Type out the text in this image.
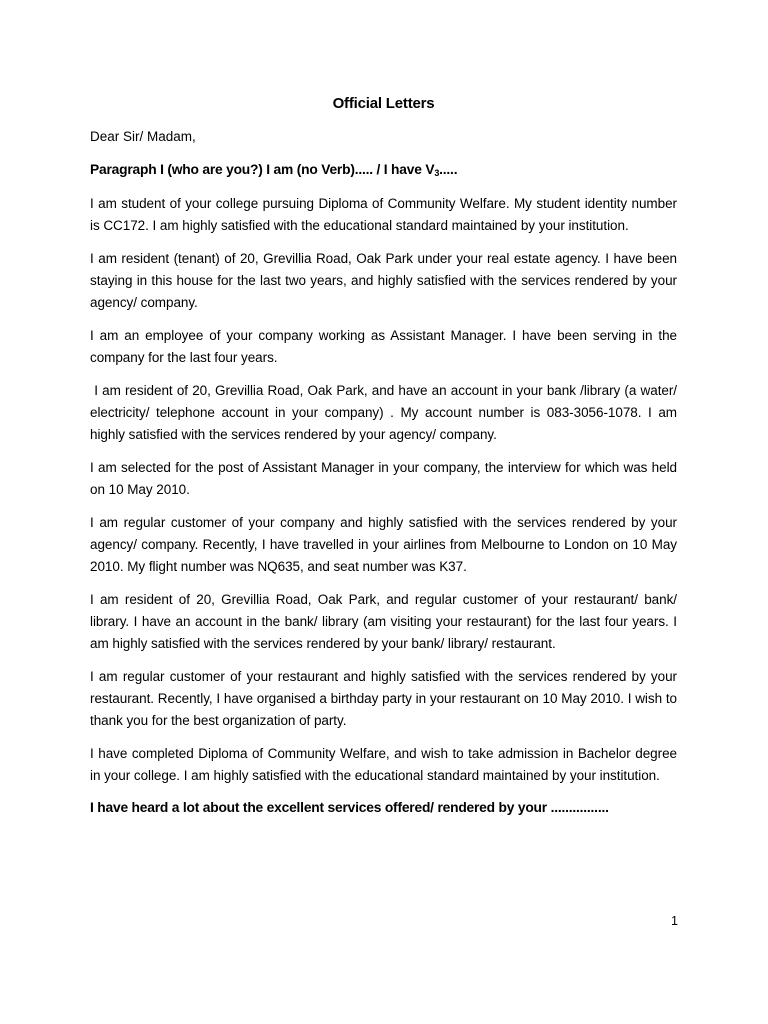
Official Letters
Dear Sir/ Madam,
Paragraph I (who are you?) I am (no Verb)..... / I have $V_3$.....

I am student of your college pursuing Diploma of Community Welfare. My student identity number is CC172. I am highly satisfied with the educational standard maintained by your institution.

I am resident (tenant) of 20, Grevillia Road, Oak Park under your real estate agency. I have been staying in this house for the last two years, and highly satisfied with the services rendered by your agency/ company.

I am an employee of your company working as Assistant Manager. I have been serving in the company for the last four years.

I am resident of 20, Grevillia Road, Oak Park, and have an account in your bank /library (a water/ electricity/ telephone account in your company) . My account number is 083-3056-1078. I am highly satisfied with the services rendered by your agency/ company.

I am selected for the post of Assistant Manager in your company, the interview for which was held on 10 May 2010.

I am regular customer of your company and highly satisfied with the services rendered by your agency/ company. Recently, I have travelled in your airlines from Melbourne to London on 10 May 2010. My flight number was NQ635, and seat number was K37.

I am resident of 20, Grevillia Road, Oak Park, and regular customer of your restaurant/ bank/ library. I have an account in the bank/ library (am visiting your restaurant) for the last four years. I am highly satisfied with the services rendered by your bank/ library/ restaurant.

I am regular customer of your restaurant and highly satisfied with the services rendered by your restaurant. Recently, I have organised a birthday party in your restaurant on 10 May 2010. I wish to thank you for the best organization of party.

I have completed Diploma of Community Welfare, and wish to take admission in Bachelor degree in your college. I am highly satisfied with the educational standard maintained by your institution.

I have heard a lot about the excellent services offered/ rendered by your ................
1
